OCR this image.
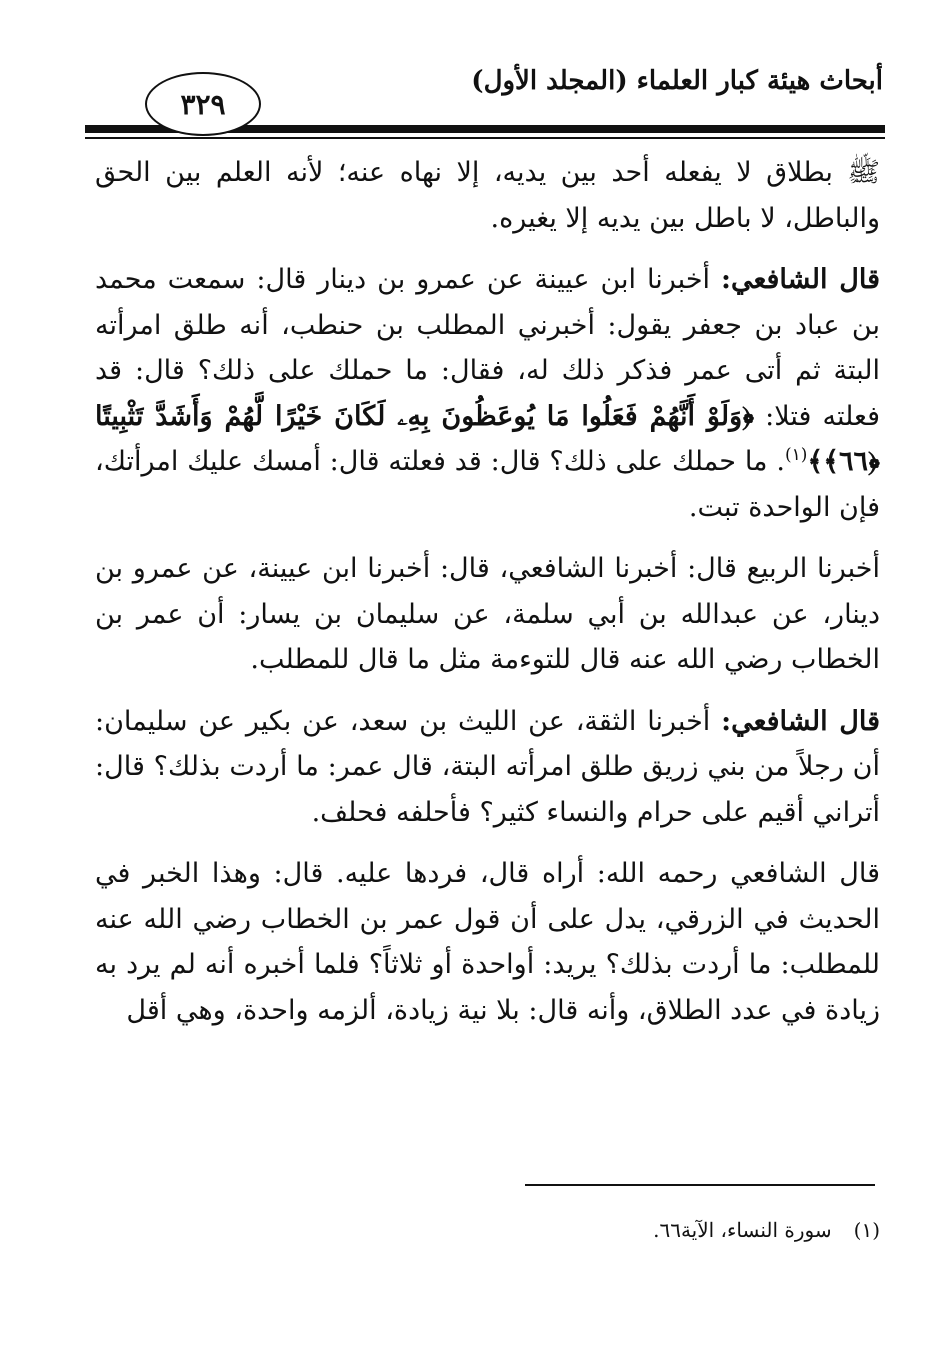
٣٢٩
أبحاث هيئة كبار العلماء (المجلد الأول)

ﷺ بطلاق لا يفعله أحد بين يديه، إلا نهاه عنه؛ لأنه العلم بين الحق والباطل، لا باطل بين يديه إلا يغيره.

قال الشافعي: أخبرنا ابن عيينة عن عمرو بن دينار قال: سمعت محمد بن عباد بن جعفر يقول: أخبرني المطلب بن حنطب، أنه طلق امرأته البتة ثم أتى عمر فذكر ذلك له، فقال: ما حملك على ذلك؟ قال: قد فعلته فتلا: ﴿وَلَوْ أَنَّهُمْ فَعَلُوا مَا يُوعَظُونَ بِهِۦ لَكَانَ خَيْرًا لَّهُمْ وَأَشَدَّ تَثْبِيتًا ﴿٦٦﴾﴾$^{(١)}$. ما حملك على ذلك؟ قال: قد فعلته قال: أمسك عليك امرأتك، فإن الواحدة تبت.

أخبرنا الربيع قال: أخبرنا الشافعي، قال: أخبرنا ابن عيينة، عن عمرو بن دينار، عن عبدالله بن أبي سلمة، عن سليمان بن يسار: أن عمر بن الخطاب رضي الله عنه قال للتوءمة مثل ما قال للمطلب.

قال الشافعي: أخبرنا الثقة، عن الليث بن سعد، عن بكير عن سليمان: أن رجلاً من بني زريق طلق امرأته البتة، قال عمر: ما أردت بذلك؟ قال: أتراني أقيم على حرام والنساء كثير؟ فأحلفه فحلف.

قال الشافعي رحمه الله: أراه قال، فردها عليه. قال: وهذا الخبر في الحديث في الزرقي، يدل على أن قول عمر بن الخطاب رضي الله عنه للمطلب: ما أردت بذلك؟ يريد: أواحدة أو ثلاثاً؟ فلما أخبره أنه لم يرد به زيادة في عدد الطلاق، وأنه قال: بلا نية زيادة، ألزمه واحدة، وهي أقل

(١)سورة النساء، الآية٦٦.
